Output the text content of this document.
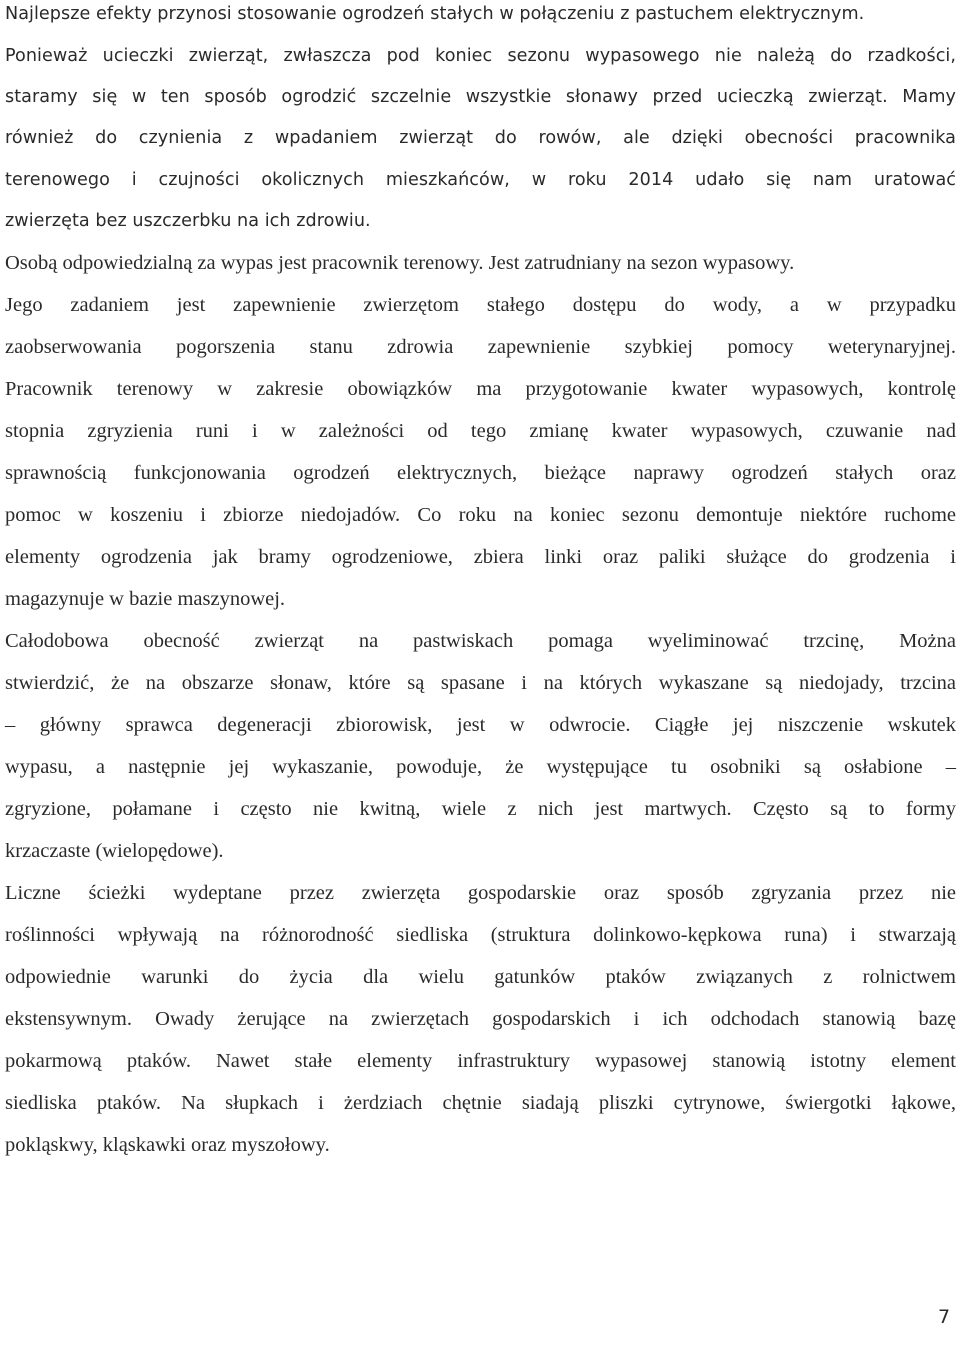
Najlepsze efekty przynosi stosowanie ogrodzeń stałych w połączeniu z pastuchem elektrycznym.
Ponieważ ucieczki zwierząt, zwłaszcza pod koniec sezonu wypasowego nie należą do rzadkości,
staramy się w ten sposób ogrodzić szczelnie wszystkie słonawy przed ucieczką zwierząt. Mamy
również do czynienia z wpadaniem zwierząt do rowów, ale dzięki obecności pracownika
terenowego i czujności okolicznych mieszkańców, w roku 2014 udało się nam uratować
zwierzęta bez uszczerbku na ich zdrowiu.
Osobą odpowiedzialną za wypas jest pracownik terenowy. Jest zatrudniany na sezon wypasowy.
Jego zadaniem jest zapewnienie zwierzętom stałego dostępu do wody, a w przypadku
zaobserwowania pogorszenia stanu zdrowia zapewnienie szybkiej pomocy weterynaryjnej.
Pracownik terenowy w zakresie obowiązków ma przygotowanie kwater wypasowych, kontrolę
stopnia zgryzienia runi i w zależności od tego zmianę kwater wypasowych, czuwanie nad
sprawnością funkcjonowania ogrodzeń elektrycznych, bieżące naprawy ogrodzeń stałych oraz
pomoc w koszeniu i zbiorze niedojadów. Co roku na koniec sezonu demontuje niektóre ruchome
elementy ogrodzenia jak bramy ogrodzeniowe, zbiera linki oraz paliki służące do grodzenia i
magazynuje w bazie maszynowej.
Całodobowa obecność zwierząt na pastwiskach pomaga wyeliminować trzcinę, Można
stwierdzić, że na obszarze słonaw, które są spasane i na których wykaszane są niedojady, trzcina
– główny sprawca degeneracji zbiorowisk, jest w odwrocie. Ciągłe jej niszczenie wskutek
wypasu, a następnie jej wykaszanie, powoduje, że występujące tu osobniki są osłabione –
zgryzione, połamane i często nie kwitną, wiele z nich jest martwych. Często są to formy
krzaczaste (wielopędowe).
Liczne ścieżki wydeptane przez zwierzęta gospodarskie oraz sposób zgryzania przez nie
roślinności wpływają na różnorodność siedliska (struktura dolinkowo-kępkowa runa) i stwarzają
odpowiednie warunki do życia dla wielu gatunków ptaków związanych z rolnictwem
ekstensywnym. Owady żerujące na zwierzętach gospodarskich i ich odchodach stanowią bazę
pokarmową ptaków. Nawet stałe elementy infrastruktury wypasowej stanowią istotny element
siedliska ptaków. Na słupkach i żerdziach chętnie siadają pliszki cytrynowe, świergotki łąkowe,
pokląskwy, kląskawki oraz myszołowy.
7
